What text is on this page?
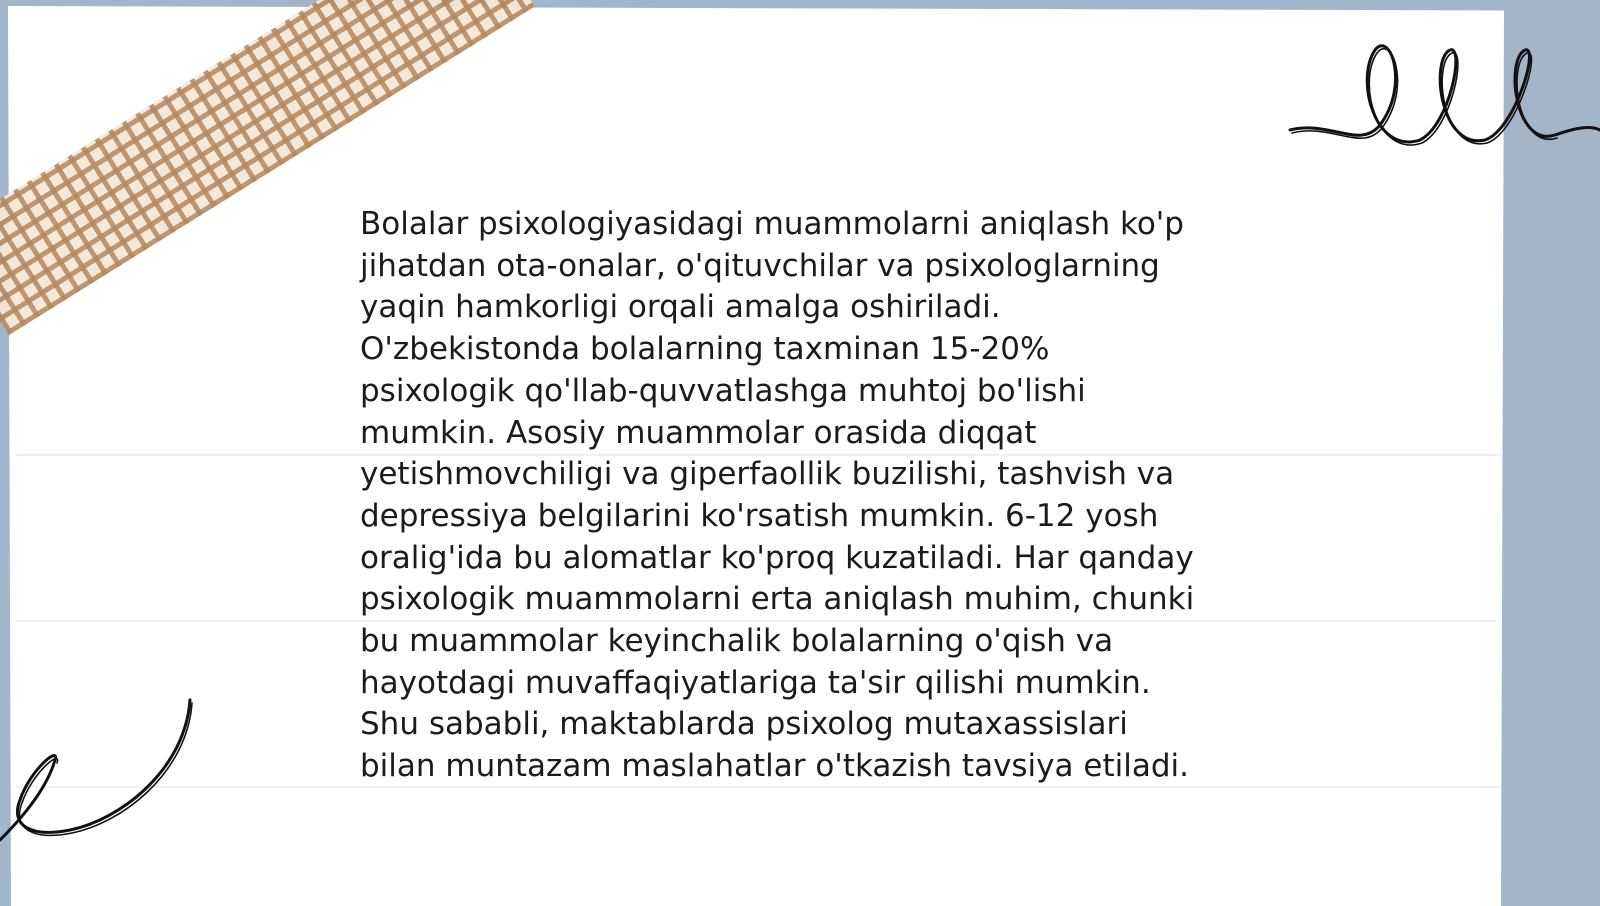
Bolalar psixologiyasidagi muammolarni aniqlash ko'p
jihatdan ota-onalar, o'qituvchilar va psixologlarning
yaqin hamkorligi orqali amalga oshiriladi.
O'zbekistonda bolalarning taxminan 15-20%
psixologik qo'llab-quvvatlashga muhtoj bo'lishi
mumkin. Asosiy muammolar orasida diqqat
yetishmovchiligi va giperfaollik buzilishi, tashvish va
depressiya belgilarini ko'rsatish mumkin. 6-12 yosh
oralig'ida bu alomatlar ko'proq kuzatiladi. Har qanday
psixologik muammolarni erta aniqlash muhim, chunki
bu muammolar keyinchalik bolalarning o'qish va
hayotdagi muvaffaqiyatlariga ta'sir qilishi mumkin.
Shu sababli, maktablarda psixolog mutaxassislari
bilan muntazam maslahatlar o'tkazish tavsiya etiladi.
